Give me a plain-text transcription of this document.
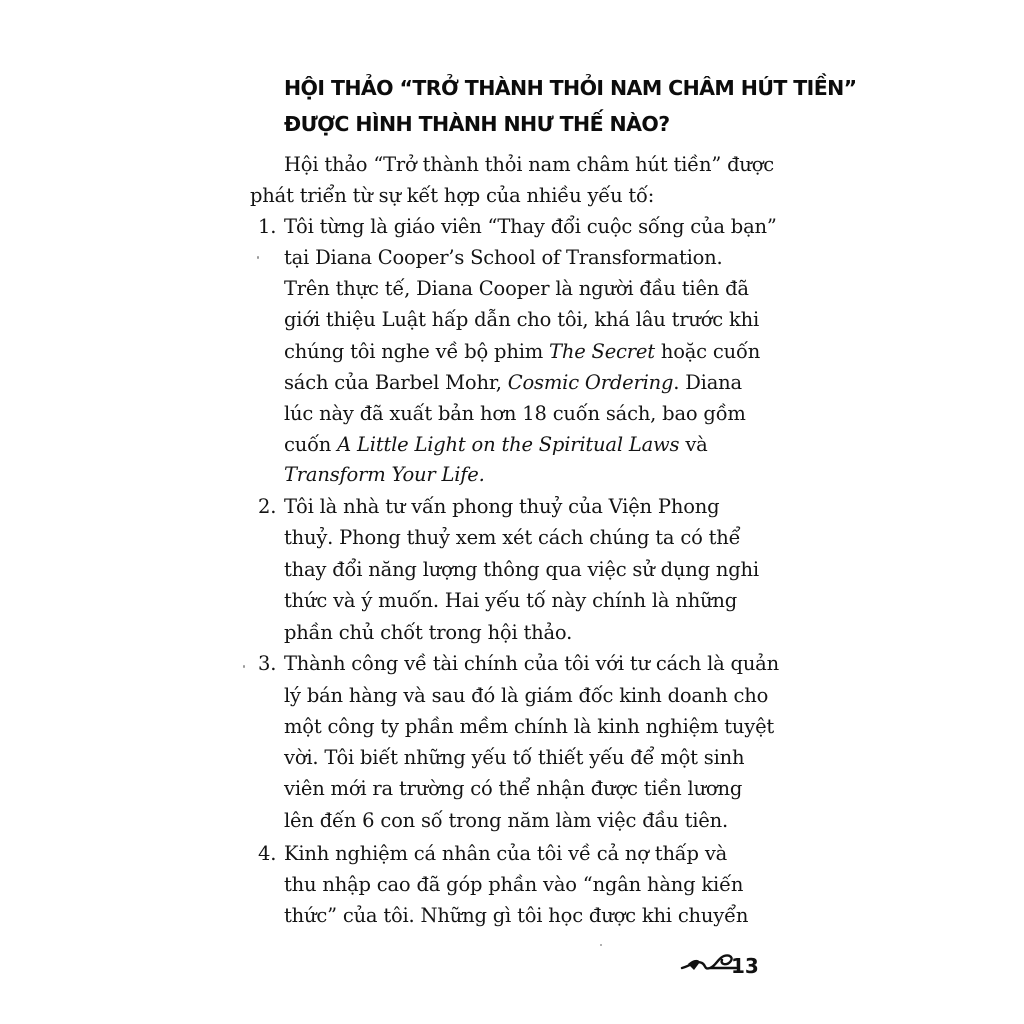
HỘI THẢO “TRỞ THÀNH THỎI NAM CHÂM HÚT TIỀN”
ĐƯỢC HÌNH THÀNH NHƯ THẾ NÀO?
Hội thảo “Trở thành thỏi nam châm hút tiền” được
phát triển từ sự kết hợp của nhiều yếu tố:
1. Tôi từng là giáo viên “Thay đổi cuộc sống của bạn”
tại Diana Cooper’s School of Transformation.
Trên thực tế, Diana Cooper là người đầu tiên đã
giới thiệu Luật hấp dẫn cho tôi, khá lâu trước khi
chúng tôi nghe về bộ phim The Secret hoặc cuốn
sách của Barbel Mohr, Cosmic Ordering. Diana
lúc này đã xuất bản hơn 18 cuốn sách, bao gồm
cuốn A Little Light on the Spiritual Laws và
Transform Your Life.
2. Tôi là nhà tư vấn phong thuỷ của Viện Phong
thuỷ. Phong thuỷ xem xét cách chúng ta có thể
thay đổi năng lượng thông qua việc sử dụng nghi
thức và ý muốn. Hai yếu tố này chính là những
phần chủ chốt trong hội thảo.
3. Thành công về tài chính của tôi với tư cách là quản
lý bán hàng và sau đó là giám đốc kinh doanh cho
một công ty phần mềm chính là kinh nghiệm tuyệt
vời. Tôi biết những yếu tố thiết yếu để một sinh
viên mới ra trường có thể nhận được tiền lương
lên đến 6 con số trong năm làm việc đầu tiên.
4. Kinh nghiệm cá nhân của tôi về cả nợ thấp và
thu nhập cao đã góp phần vào “ngân hàng kiến
thức” của tôi. Những gì tôi học được khi chuyển
13
